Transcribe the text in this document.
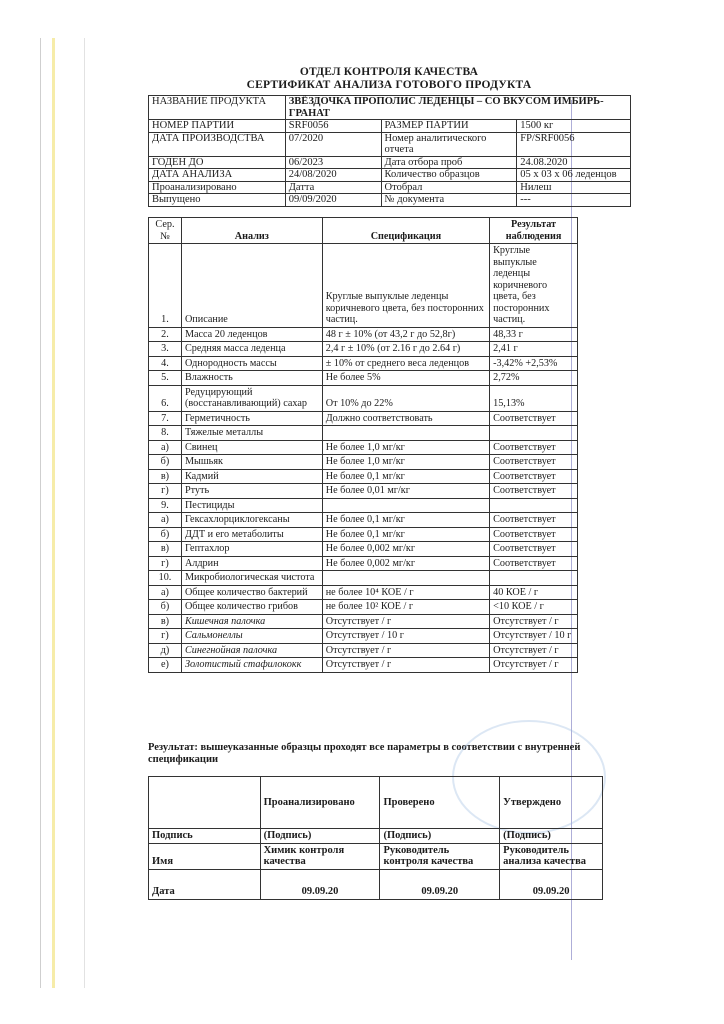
ОТДЕЛ КОНТРОЛЯ КАЧЕСТВА
СЕРТИФИКАТ АНАЛИЗА ГОТОВОГО ПРОДУКТА
НАЗВАНИЕ ПРОДУКТА	ЗВЁЗДОЧКА ПРОПОЛИС ЛЕДЕНЦЫ – СО ВКУСОМ ИМБИРЬ-ГРАНАТ		
НОМЕР ПАРТИИ	SRF0056	РАЗМЕР ПАРТИИ	1500 кг
ДАТА ПРОИЗВОДСТВА	07/2020	Номер аналитического отчета	FP/SRF0056
ГОДЕН ДО	06/2023	Дата отбора проб	24.08.2020
ДАТА АНАЛИЗА	24/08/2020	Количество образцов	05 x 03 x 06 леденцов
Проанализировано	Датта	Отобрал	Нилеш
Выпущено	09/09/2020	№ документа	---
Сер. №	Анализ	Спецификация	Результат наблюдения
1.	Описание	Круглые выпуклые леденцы коричневого цвета, без посторонних частиц.	Круглые выпуклые леденцы коричневого цвета, без посторонних частиц.
2.	Масса 20 леденцов	48 г ± 10% (от 43,2 г до 52,8г)	48,33 г
3.	Средняя масса леденца	2,4 г ± 10% (от 2.16 г до 2.64 г)	2,41 г
4.	Однородность массы	± 10% от среднего веса леденцов	-3,42% +2,53%
5.	Влажность	Не более 5%	2,72%
6.	Редуцирующий (восстанавливающий) сахар	От 10% до 22%	15,13%
7.	Герметичность	Должно соответствовать	Соответствует
8.	Тяжелые металлы		
а)	Свинец	Не более 1,0 мг/кг	Соответствует
б)	Мышьяк	Не более 1,0 мг/кг	Соответствует
в)	Кадмий	Не более 0,1 мг/кг	Соответствует
г)	Ртуть	Не более 0,01 мг/кг	Соответствует
9.	Пестициды		
а)	Гексахлорциклогексаны	Не более 0,1 мг/кг	Соответствует
б)	ДДТ и его метаболиты	Не более 0,1 мг/кг	Соответствует
в)	Гептахлор	Не более 0,002 мг/кг	Соответствует
г)	Алдрин	Не более 0,002 мг/кг	Соответствует
10.	Микробиологическая чистота		
а)	Общее количество бактерий	не более 10⁴ КОЕ / г	40 КОЕ / г
б)	Общее количество грибов	не более 10² КОЕ / г	<10 КОЕ / г
в)	Кишечная палочка	Отсутствует / г	Отсутствует / г
г)	Сальмонеллы	Отсутствует / 10 г	Отсутствует / 10 г
д)	Синегнойная палочка	Отсутствует / г	Отсутствует / г
е)	Золотистый стафилококк	Отсутствует / г	Отсутствует / г
Результат: вышеуказанные образцы проходят все параметры в соответствии с внутренней спецификации
	Проанализировано	Проверено	Утверждено
Подпись	(Подпись)	(Подпись)	(Подпись)
Имя	Химик контроля качества	Руководитель контроля качества	Руководитель анализа качества
Дата	09.09.20	09.09.20	09.09.20
